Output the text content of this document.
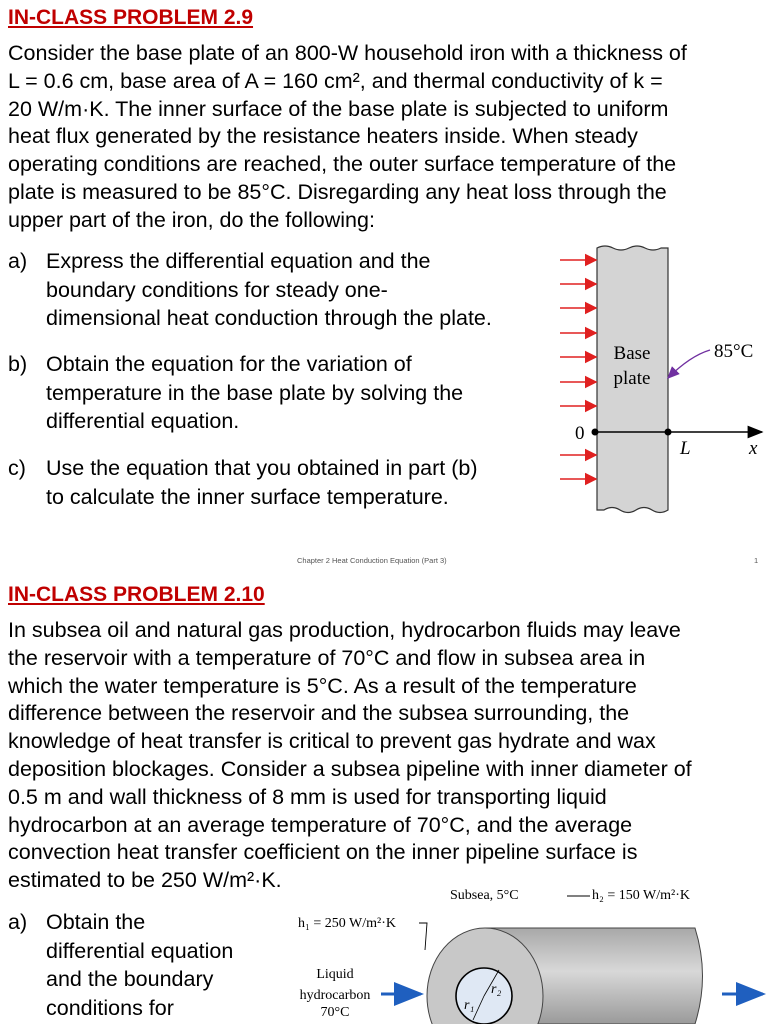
IN-CLASS PROBLEM 2.9
Consider the base plate of an 800-W household iron with a thickness of
L = 0.6 cm, base area of A = 160 cm², and thermal conductivity of k =
20 W/m·K. The inner surface of the base plate is subjected to uniform
heat flux generated by the resistance heaters inside. When steady
operating conditions are reached, the outer surface temperature of the
plate is measured to be 85°C. Disregarding any heat loss through the
upper part of the iron, do the following:
a) Express the differential equation and the
boundary conditions for steady one-
dimensional heat conduction through the plate.
b) Obtain the equation for the variation of
temperature in the base plate by solving the
differential equation.
c) Use the equation that you obtained in part (b)
to calculate the inner surface temperature.
Base
plate
85°C
0
L	x
Chapter 2 Heat Conduction Equation (Part 3)	1
IN-CLASS PROBLEM 2.10
In subsea oil and natural gas production, hydrocarbon fluids may leave
the reservoir with a temperature of 70°C and flow in subsea area in
which the water temperature is 5°C. As a result of the temperature
difference between the reservoir and the subsea surrounding, the
knowledge of heat transfer is critical to prevent gas hydrate and wax
deposition blockages. Consider a subsea pipeline with inner diameter of
0.5 m and wall thickness of 8 mm is used for transporting liquid
hydrocarbon at an average temperature of 70°C, and the average
convection heat transfer coefficient on the inner pipeline surface is
estimated to be 250 W/m²·K.
a) Obtain the
differential equation
and the boundary
conditions for
Subsea, 5°C	h₂ = 150 W/m²·K
h₁ = 250 W/m²·K
Liquid
hydrocarbon
70°C	r₁
r₂
